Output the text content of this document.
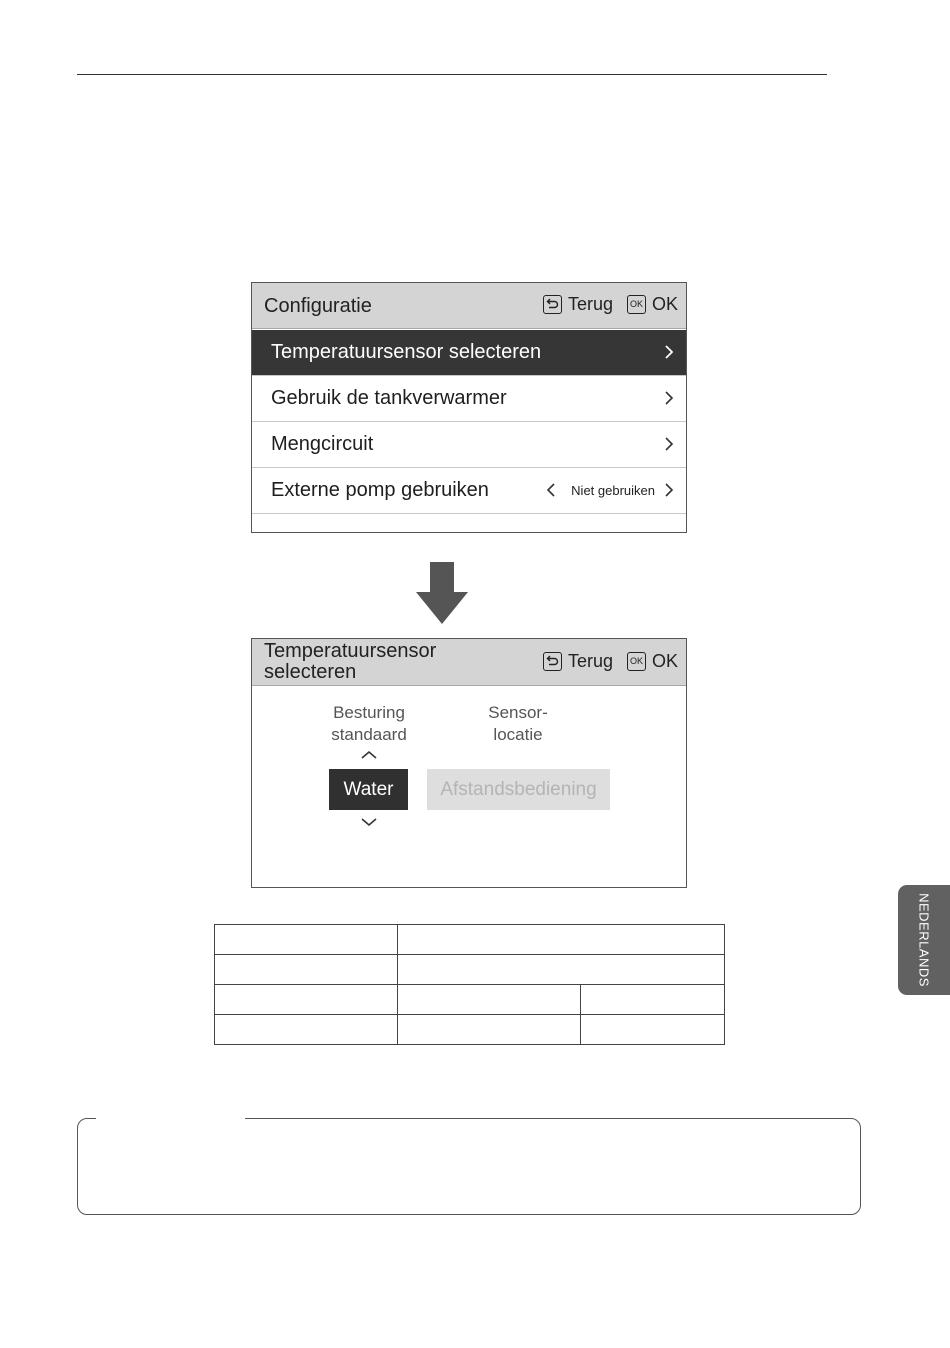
Configuratie	Terug	OK OK
Temperatuursensor selecteren
Gebruik de tankverwarmer
Mengcircuit
Externe pomp gebruiken	Niet gebruiken
Temperatuursensor selecteren	Terug	OK OK
Besturing standaard
Sensor-locatie
Water	Afstandsbediening

NEDERLANDS
